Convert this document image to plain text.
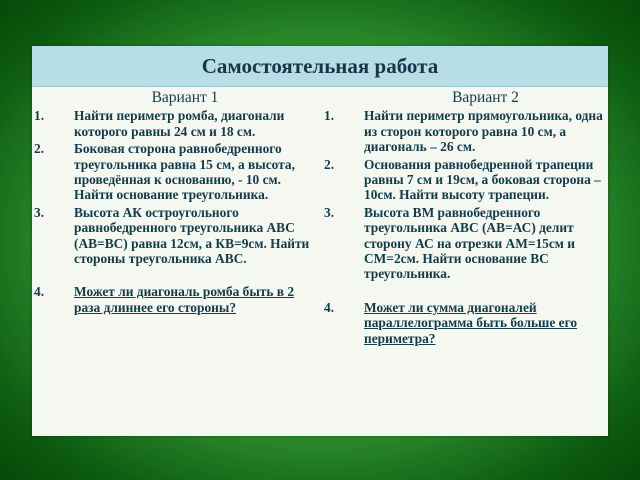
Самостоятельная работа
Вариант 1
1. Найти периметр ромба, диагонали которого равны 24 см и 18 см.
2. Боковая сторона равнобедренного треугольника равна 15 см, а высота, проведённая к основанию, - 10 см. Найти основание треугольника.
3. Высота АК остроугольного равнобедренного треугольника АВС (АВ=ВС) равна 12см, а КВ=9см. Найти стороны треугольника АВС.
4. Может ли диагональ ромба быть в 2 раза длиннее его стороны?
Вариант 2
1. Найти периметр прямоугольника, одна из сторон которого равна 10 см, а диагональ – 26 см.
2. Основания равнобедренной трапеции равны 7 см и 19см, а боковая сторона – 10см. Найти высоту трапеции.
3. Высота ВМ равнобедренного треугольника АВС (АВ=АС) делит сторону АС на отрезки АМ=15см и СМ=2см. Найти основание ВС треугольника.
4. Может ли сумма диагоналей параллелограмма быть больше его периметра?
